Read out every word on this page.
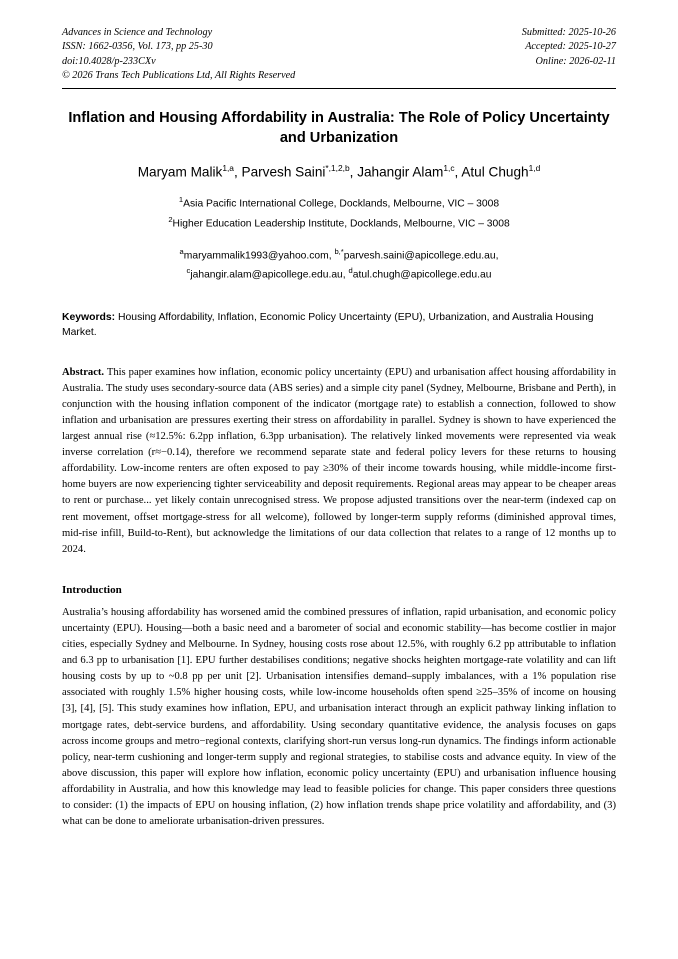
Advances in Science and Technology
ISSN: 1662-0356, Vol. 173, pp 25-30
doi:10.4028/p-233CXv
© 2026 Trans Tech Publications Ltd, All Rights Reserved
Submitted: 2025-10-26
Accepted: 2025-10-27
Online: 2026-02-11
Inflation and Housing Affordability in Australia: The Role of Policy Uncertainty and Urbanization
Maryam Malik$^{1,a}$, Parvesh Saini$^{*,1,2,b}$, Jahangir Alam$^{1,c}$, Atul Chugh$^{1,d}$
$^1$Asia Pacific International College, Docklands, Melbourne, VIC – 3008
$^2$Higher Education Leadership Institute, Docklands, Melbourne, VIC – 3008
$^a$maryammalik1993@yahoo.com, $^{b,*}$parvesh.saini@apicollege.edu.au,
$^c$jahangir.alam@apicollege.edu.au, $^d$atul.chugh@apicollege.edu.au
Keywords: Housing Affordability, Inflation, Economic Policy Uncertainty (EPU), Urbanization, and Australia Housing Market.
Abstract. This paper examines how inflation, economic policy uncertainty (EPU) and urbanisation affect housing affordability in Australia. The study uses secondary-source data (ABS series) and a simple city panel (Sydney, Melbourne, Brisbane and Perth), in conjunction with the housing inflation component of the indicator (mortgage rate) to establish a connection, followed to show inflation and urbanisation are pressures exerting their stress on affordability in parallel. Sydney is shown to have experienced the largest annual rise (≈12.5%: 6.2pp inflation, 6.3pp urbanisation). The relatively linked movements were represented via weak inverse correlation (r≈−0.14), therefore we recommend separate state and federal policy levers for these returns to housing affordability. Low-income renters are often exposed to pay ≥30% of their income towards housing, while middle-income first-home buyers are now experiencing tighter serviceability and deposit requirements. Regional areas may appear to be cheaper areas to rent or purchase... yet likely contain unrecognised stress. We propose adjusted transitions over the near-term (indexed cap on rent movement, offset mortgage-stress for all welcome), followed by longer-term supply reforms (diminished approval times, mid-rise infill, Build-to-Rent), but acknowledge the limitations of our data collection that relates to a range of 12 months up to 2024.
Introduction
Australia’s housing affordability has worsened amid the combined pressures of inflation, rapid urbanisation, and economic policy uncertainty (EPU). Housing—both a basic need and a barometer of social and economic stability—has become costlier in major cities, especially Sydney and Melbourne. In Sydney, housing costs rose about 12.5%, with roughly 6.2 pp attributable to inflation and 6.3 pp to urbanisation [1]. EPU further destabilises conditions; negative shocks heighten mortgage-rate volatility and can lift housing costs by up to ~0.8 pp per unit [2]. Urbanisation intensifies demand–supply imbalances, with a 1% population rise associated with roughly 1.5% higher housing costs, while low-income households often spend ≥25–35% of income on housing [3], [4], [5]. This study examines how inflation, EPU, and urbanisation interact through an explicit pathway linking inflation to mortgage rates, debt-service burdens, and affordability. Using secondary quantitative evidence, the analysis focuses on gaps across income groups and metro−regional contexts, clarifying short-run versus long-run dynamics. The findings inform actionable policy, near-term cushioning and longer-term supply and regional strategies, to stabilise costs and advance equity. In view of the above discussion, this paper will explore how inflation, economic policy uncertainty (EPU) and urbanisation influence housing affordability in Australia, and how this knowledge may lead to feasible policies for change. This paper considers three questions to consider: (1) the impacts of EPU on housing inflation, (2) how inflation trends shape price volatility and affordability, and (3) what can be done to ameliorate urbanisation-driven pressures.
